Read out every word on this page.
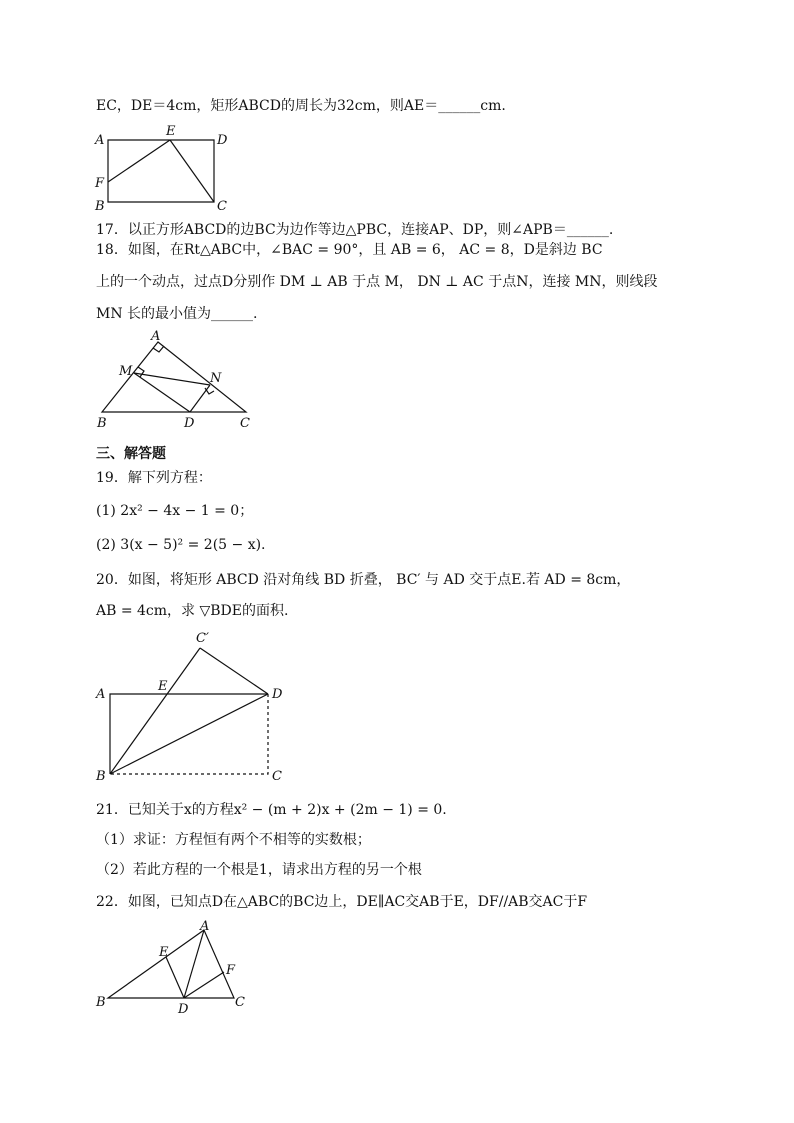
EC，DE＝4cm，矩形ABCD的周长为32cm，则AE＝______cm.
A
E
D
F
B	C
17．以正方形ABCD的边BC为边作等边△PBC，连接AP、DP，则∠APB＝______.
18．如图，在Rt△ABC中，∠BAC = 90°，且 AB = 6， AC = 8，D是斜边 BC
上的一个动点，过点D分别作 DM ⊥ AB 于点 M， DN ⊥ AC 于点N，连接 MN，则线段
MN 长的最小值为______.
A
M	N
B	D	C
三、解答题
19．解下列方程：
(1) 2x² − 4x − 1 = 0；
(2) 3(x − 5)² = 2(5 − x).
20．如图，将矩形 ABCD 沿对角线 BD 折叠， BC′ 与 AD 交于点E.若 AD = 8cm，
AB = 4cm，求 ▽BDE的面积.
C′
A
E
D
B	C
21．已知关于x的方程x² − (m + 2)x + (2m − 1) = 0.
（1）求证：方程恒有两个不相等的实数根；
（2）若此方程的一个根是1，请求出方程的另一个根
22．如图，已知点D在△ABC的BC边上，DE∥AC交AB于E，DF//AB交AC于F
A
E
F
B	D	C
